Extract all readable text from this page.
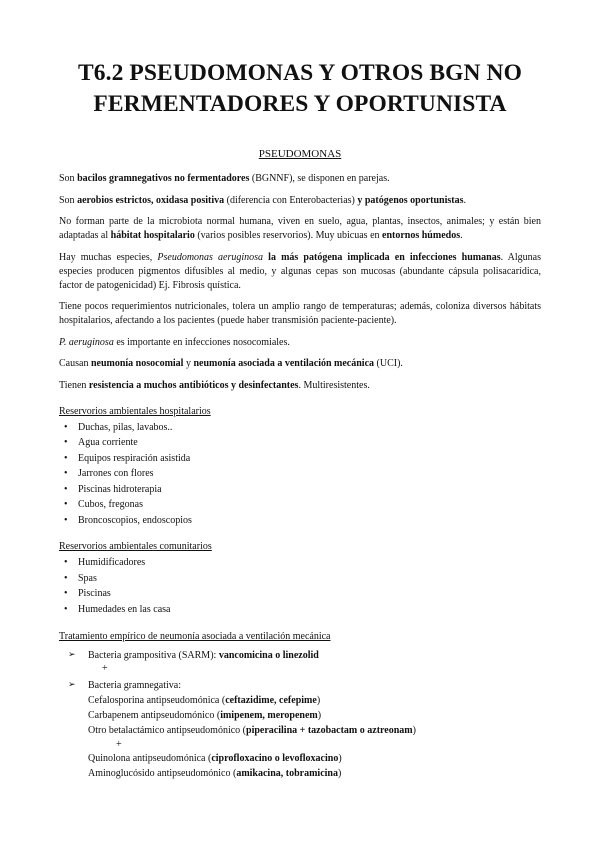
T6.2 PSEUDOMONAS Y OTROS BGN NO
FERMENTADORES Y OPORTUNISTA
PSEUDOMONAS

Son bacilos gramnegativos no fermentadores (BGNNF), se disponen en parejas.

Son aerobios estrictos, oxidasa positiva (diferencia con Enterobacterias) y patógenos oportunistas.

No forman parte de la microbiota normal humana, viven en suelo, agua, plantas, insectos, animales; y están bien adaptadas al hábitat hospitalario (varios posibles reservorios). Muy ubicuas en entornos húmedos.

Hay muchas especies, Pseudomonas aeruginosa la más patógena implicada en infecciones humanas. Algunas especies producen pigmentos difusibles al medio, y algunas cepas son mucosas (abundante cápsula polisacarídica, factor de patogenicidad) Ej. Fibrosis quística.

Tiene pocos requerimientos nutricionales, tolera un amplio rango de temperaturas; además, coloniza diversos hábitats hospitalarios, afectando a los pacientes (puede haber transmisión paciente-paciente).

P. aeruginosa es importante en infecciones nosocomiales.

Causan neumonía nosocomial y neumonía asociada a ventilación mecánica (UCI).

Tienen resistencia a muchos antibióticos y desinfectantes. Multiresistentes.

Reservorios ambientales hospitalarios
• Duchas, pilas, lavabos..
• Agua corriente
• Equipos respiración asistida
• Jarrones con flores
• Piscinas hidroterapia
• Cubos, fregonas
• Broncoscopios, endoscopios
Reservorios ambientales comunitarios
• Humidificadores
• Spas
• Piscinas
• Humedades en las casa
Tratamiento empírico de neumonía asociada a ventilación mecánica
➢ Bacteria grampositiva (SARM): vancomicina o linezolid
+
➢ Bacteria gramnegativa:
Cefalosporina antipseudomónica (ceftazidime, cefepime)
Carbapenem antipseudomónico (imipenem, meropenem)
Otro betalactámico antipseudomónico (piperacilina + tazobactam o aztreonam)
+
Quinolona antipseudomónica (ciprofloxacino o levofloxacino)
Aminoglucósido antipseudomónico (amikacina, tobramicina)
